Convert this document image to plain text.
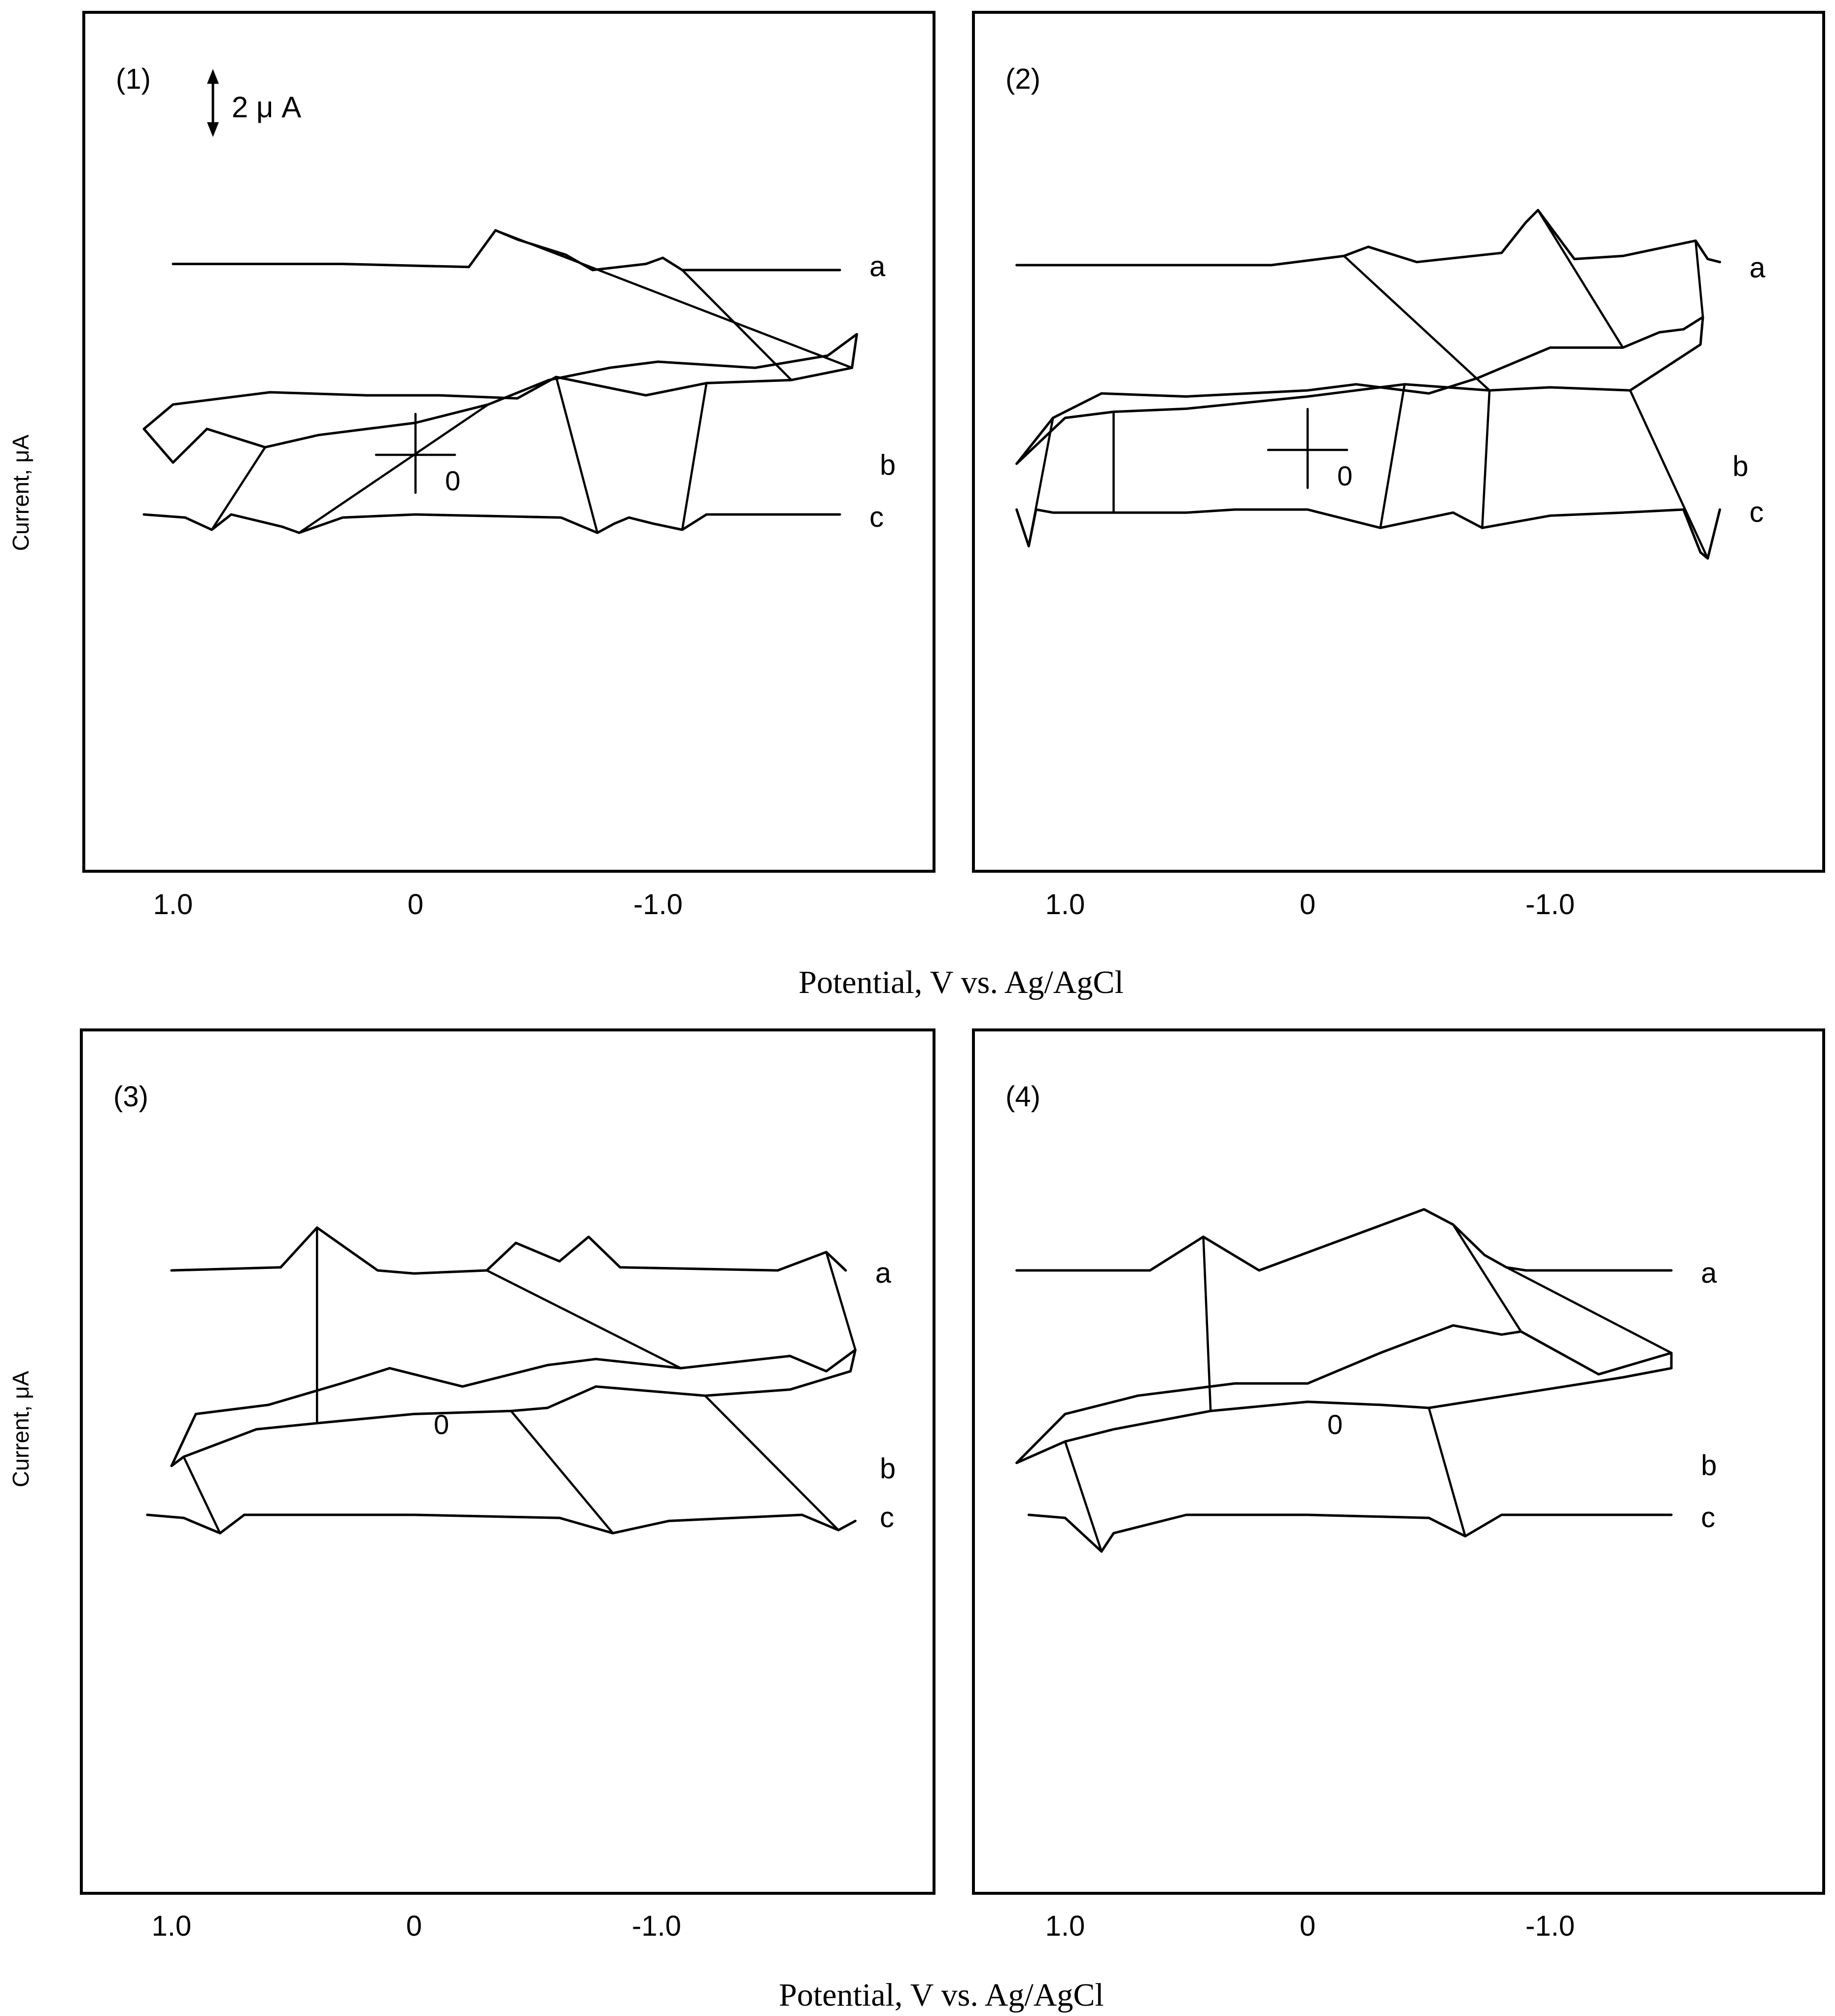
Current, μA
Current, μA
Potential, V vs. Ag/AgCl
Potential, V vs. Ag/AgCl
2 μ A
(1)
1.0	0	-1.0
0
a
b
c
(2)
1.0	0	-1.0
0
a
b
c
(3)
1.0	0	-1.0
0
a
b
c
(4)
1.0	0	-1.0
0
a
b
c
